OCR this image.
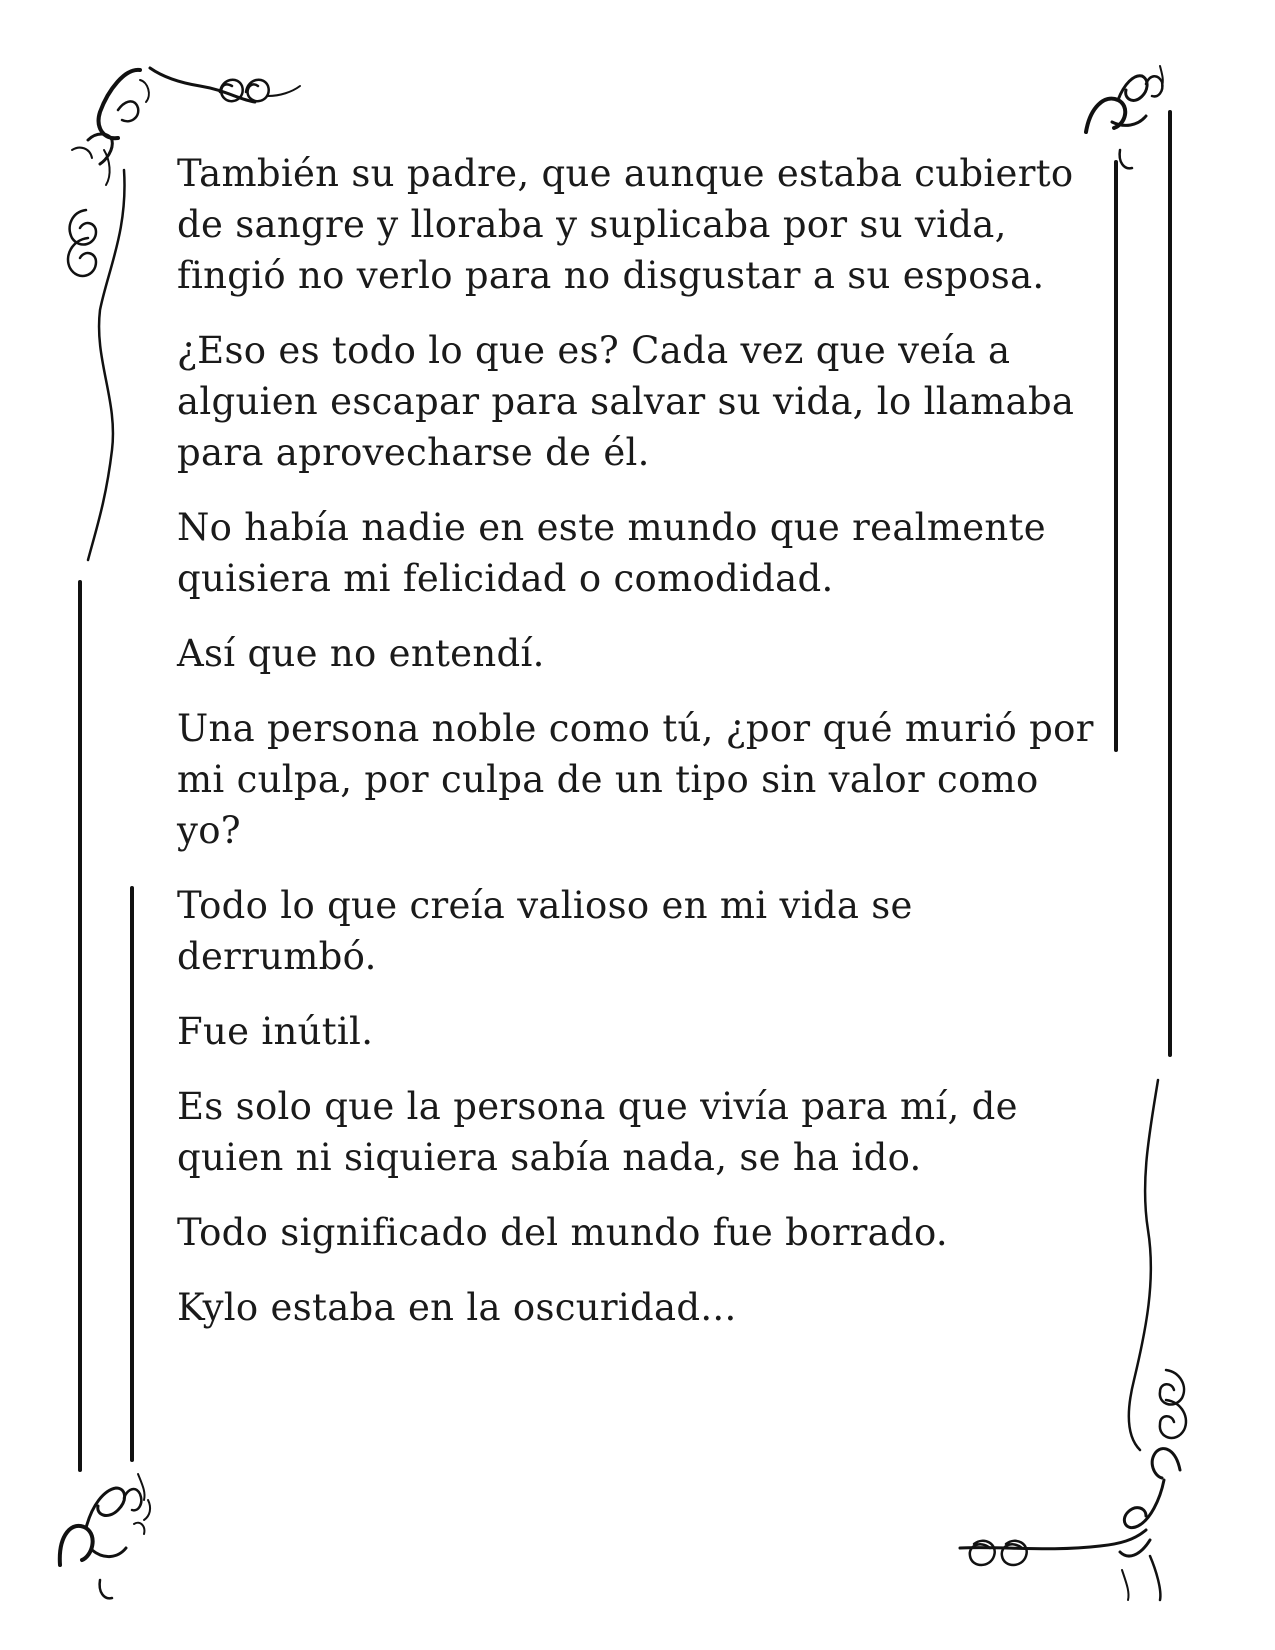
También su padre, que aunque estaba cubierto de sangre y lloraba y suplicaba por su vida, fingió no verlo para no disgustar a su esposa.

¿Eso es todo lo que es? Cada vez que veía a alguien escapar para salvar su vida, lo llamaba para aprovecharse de él.

No había nadie en este mundo que realmente quisiera mi felicidad o comodidad.

Así que no entendí.

Una persona noble como tú, ¿por qué murió por mi culpa, por culpa de un tipo sin valor como yo?

Todo lo que creía valioso en mi vida se derrumbó.

Fue inútil.

Es solo que la persona que vivía para mí, de quien ni siquiera sabía nada, se ha ido.

Todo significado del mundo fue borrado.

Kylo estaba en la oscuridad...
